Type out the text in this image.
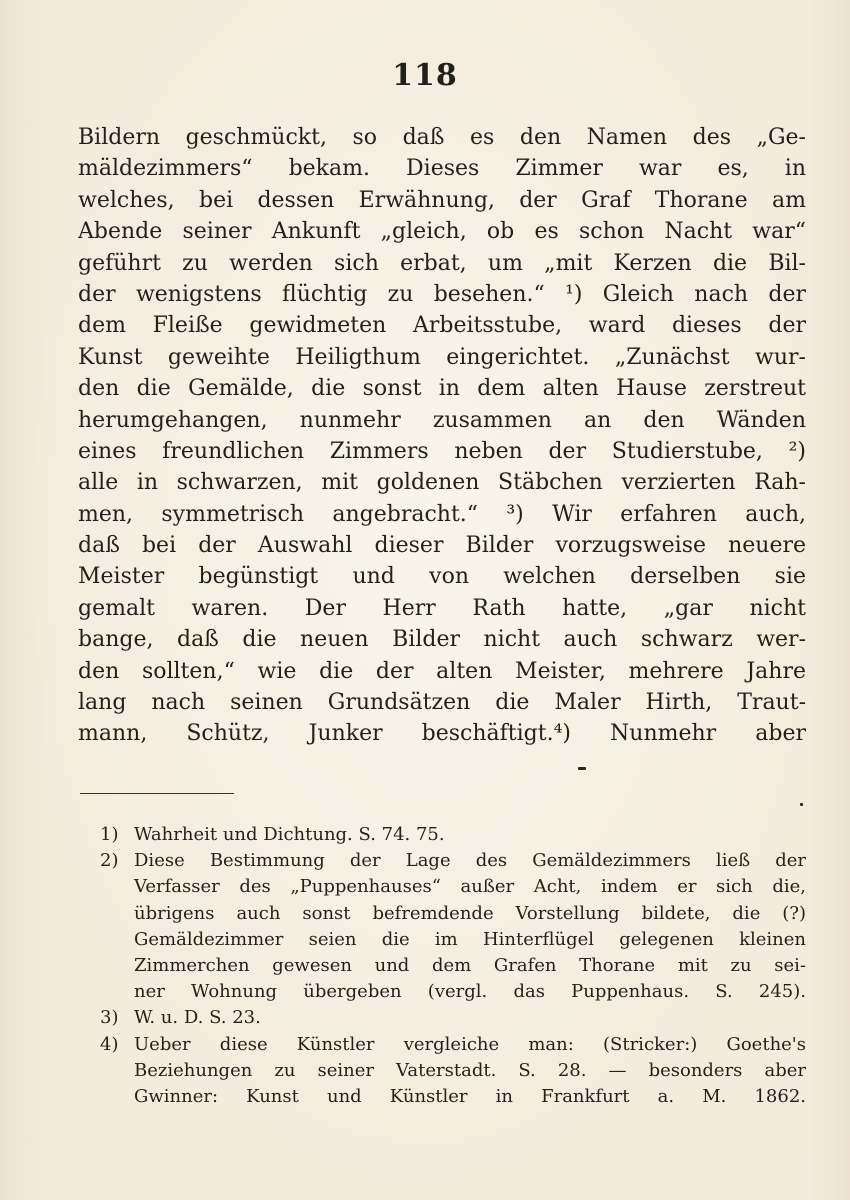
118
Bildern geschmückt, so daß es den Namen des „Ge-
mäldezimmers“ bekam. Dieses Zimmer war es, in
welches, bei dessen Erwähnung, der Graf Thorane am
Abende seiner Ankunft „gleich, ob es schon Nacht war“
geführt zu werden sich erbat, um „mit Kerzen die Bil-
der wenigstens flüchtig zu besehen.“ ¹) Gleich nach der
dem Fleiße gewidmeten Arbeitsstube, ward dieses der
Kunst geweihte Heiligthum eingerichtet. „Zunächst wur-
den die Gemälde, die sonst in dem alten Hause zerstreut
herumgehangen, nunmehr zusammen an den Wänden
eines freundlichen Zimmers neben der Studierstube, ²)
alle in schwarzen, mit goldenen Stäbchen verzierten Rah-
men, symmetrisch angebracht.“ ³) Wir erfahren auch,
daß bei der Auswahl dieser Bilder vorzugsweise neuere
Meister begünstigt und von welchen derselben sie
gemalt waren. Der Herr Rath hatte, „gar nicht
bange, daß die neuen Bilder nicht auch schwarz wer-
den sollten,“ wie die der alten Meister, mehrere Jahre
lang nach seinen Grundsätzen die Maler Hirth, Traut-
mann, Schütz, Junker beschäftigt.⁴) Nunmehr aber
1) Wahrheit und Dichtung. S. 74. 75.
2) Diese Bestimmung der Lage des Gemäldezimmers ließ der
Verfasser des „Puppenhauses“ außer Acht, indem er sich die,
übrigens auch sonst befremdende Vorstellung bildete, die (?)
Gemäldezimmer seien die im Hinterflügel gelegenen kleinen
Zimmerchen gewesen und dem Grafen Thorane mit zu sei-
ner Wohnung übergeben (vergl. das Puppenhaus. S. 245).
3) W. u. D. S. 23.
4) Ueber diese Künstler vergleiche man: (Stricker:) Goethe's
Beziehungen zu seiner Vaterstadt. S. 28. — besonders aber
Gwinner: Kunst und Künstler in Frankfurt a. M. 1862.
